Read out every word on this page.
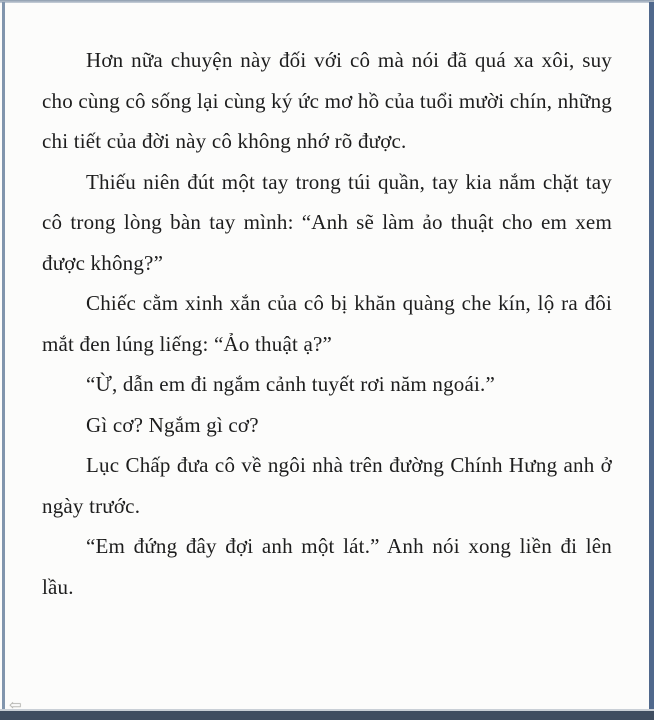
Hơn nữa chuyện này đối với cô mà nói đã quá xa xôi, suy cho cùng cô sống lại cùng ký ức mơ hồ của tuổi mười chín, những chi tiết của đời này cô không nhớ rõ được.

Thiếu niên đút một tay trong túi quần, tay kia nắm chặt tay cô trong lòng bàn tay mình: “Anh sẽ làm ảo thuật cho em xem được không?”

Chiếc cằm xinh xắn của cô bị khăn quàng che kín, lộ ra đôi mắt đen lúng liếng: “Ảo thuật ạ?”

“Ừ, dẫn em đi ngắm cảnh tuyết rơi năm ngoái.”

Gì cơ? Ngắm gì cơ?

Lục Chấp đưa cô về ngôi nhà trên đường Chính Hưng anh ở ngày trước.

“Em đứng đây đợi anh một lát.” Anh nói xong liền đi lên lầu.

⇦
